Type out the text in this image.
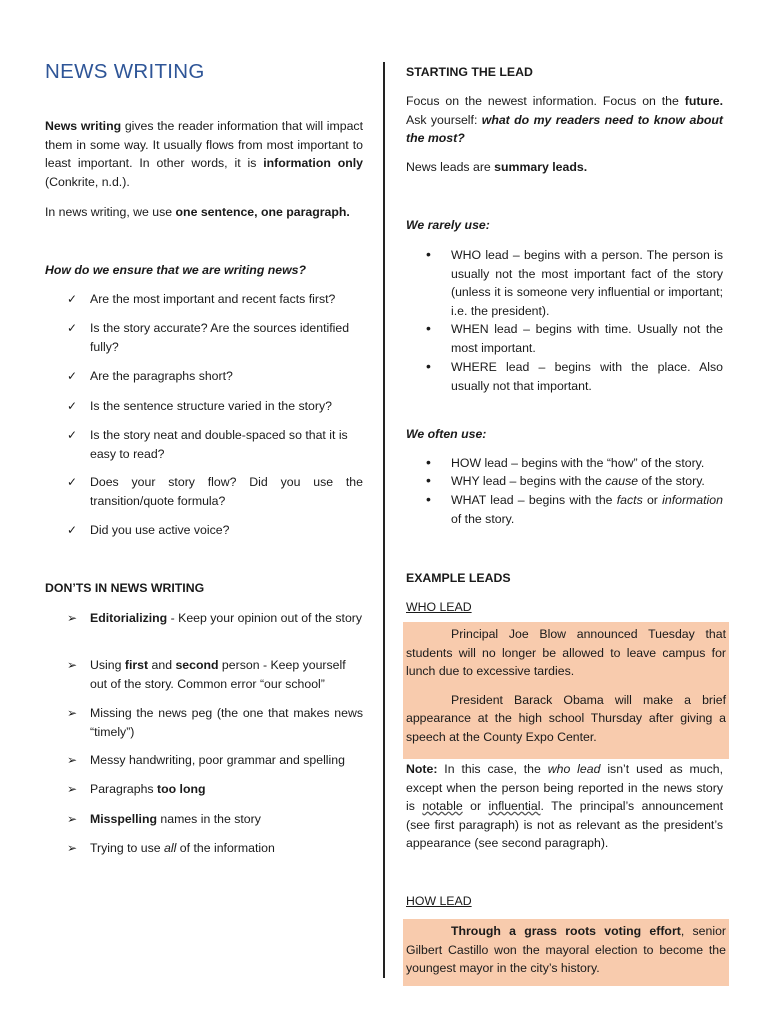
NEWS WRITING

News writing gives the reader information that will impact them in some way. It usually flows from most important to least important. In other words, it is information only (Conkrite, n.d.).

In news writing, we use one sentence, one paragraph.

How do we ensure that we are writing news?

✓ Are the most important and recent facts first?
✓ Is the story accurate? Are the sources identified fully?
✓ Are the paragraphs short?
✓ Is the sentence structure varied in the story?
✓ Is the story neat and double-spaced so that it is easy to read?
✓ Does your story flow? Did you use the transition/quote formula?
✓ Did you use active voice?

DON’TS IN NEWS WRITING

➢ Editorializing - Keep your opinion out of the story
➢ Using first and second person - Keep yourself out of the story. Common error “our school”
➢ Missing the news peg (the one that makes news “timely”)
➢ Messy handwriting, poor grammar and spelling
➢ Paragraphs too long
➢ Misspelling names in the story
➢ Trying to use all of the information

STARTING THE LEAD

Focus on the newest information. Focus on the future. Ask yourself: what do my readers need to know about the most?

News leads are summary leads.

We rarely use:

• WHO lead – begins with a person. The person is usually not the most important fact of the story (unless it is someone very influential or important; i.e. the president).
• WHEN lead – begins with time. Usually not the most important.
• WHERE lead – begins with the place. Also usually not that important.

We often use:

• HOW lead – begins with the “how” of the story.
• WHY lead – begins with the cause of the story.
• WHAT lead – begins with the facts or information of the story.

EXAMPLE LEADS

WHO LEAD

Principal Joe Blow announced Tuesday that students will no longer be allowed to leave campus for lunch due to excessive tardies.

President Barack Obama will make a brief appearance at the high school Thursday after giving a speech at the County Expo Center.

Note: In this case, the who lead isn’t used as much, except when the person being reported in the news story is notable or influential. The principal’s announcement (see first paragraph) is not as relevant as the president’s appearance (see second paragraph).

HOW LEAD

Through a grass roots voting effort, senior Gilbert Castillo won the mayoral election to become the youngest mayor in the city’s history.
